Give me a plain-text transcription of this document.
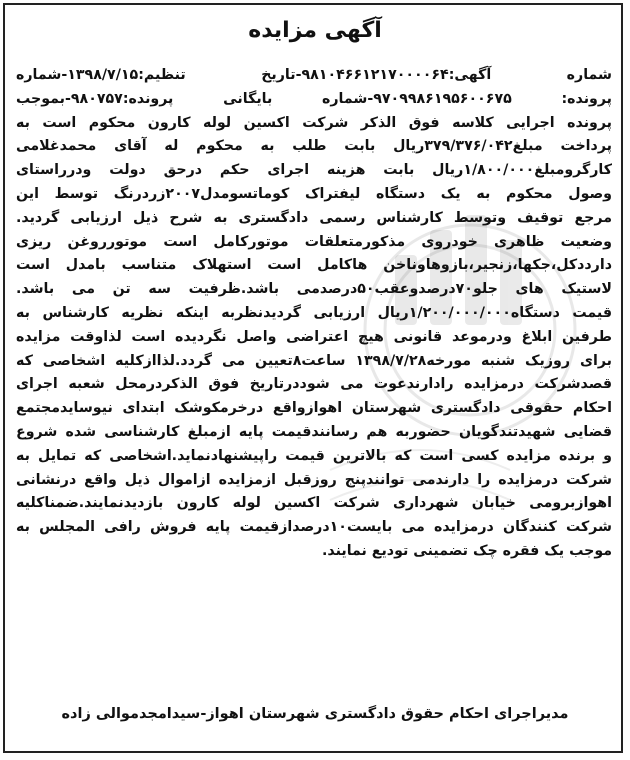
آگهی مزایده
شماره آگهی:۹۸۱۰۴۶۶۱۲۱۷۰۰۰۰۶۴-تاریخ تنظیم:۱۳۹۸/۷/۱۵-شماره
پرونده: ۹۷۰۹۹۸۶۱۹۵۶۰۰۶۷۵-شماره بایگانی پرونده:۹۸۰۷۵۷-بموجب
پرونده اجرایی کلاسه فوق الذکر شرکت اکسین لوله کارون محکوم است به
پرداخت مبلغ۳۷۹/۳۷۶/۰۴۲ریال بابت طلب به محکوم له آقای محمدغلامی
کارگرومبلغ۱/۸۰۰/۰۰۰ریال بابت هزینه اجرای حکم درحق دولت ودرراستای
وصول محکوم به یک دستگاه لیفتراک کوماتسومدل۲۰۰۷زردرنگ توسط این
مرجع توقیف وتوسط کارشناس رسمی دادگستری به شرح ذیل ارزیابی گردید.
وضعیت ظاهری خودروی مذکورمتعلقات موتورکامل است موتورروغن ریزی
دارددکل،جکها،زنجیر،بازوهاوناخن هاکامل است استهلاک متناسب بامدل است
لاستیک های جلو۷۰درصدوعقب۵۰درصدمی باشد.ظرفیت سه تن می باشد.
قیمت دستگاه۱/۲۰۰/۰۰۰/۰۰۰ریال ارزیابی گردیدنظربه اینکه نظریه کارشناس به
طرفین ابلاغ ودرموعد قانونی هیچ اعتراضی واصل نگردیده است لذاوقت مزایده
برای روزیک شنبه مورخه۱۳۹۸/۷/۲۸ ساعت۸تعیین می گردد.لذاازکلیه اشخاصی که
قصدشرکت درمزایده رادارندعوت می شوددرتاریخ فوق الذکردرمحل شعبه اجرای
احکام حقوقی دادگستری شهرستان اهوازواقع درخرمکوشک ابتدای نیوسایدمجتمع
قضایی شهیدتندگویان حضوربه هم رسانندقیمت پایه ازمبلغ کارشناسی شده شروع
و برنده مزایده کسی است که بالاترین قیمت راپیشنهادنماید.اشخاصی که تمایل به
شرکت درمزایده را دارندمی توانندپنج روزقبل ازمزایده ازاموال ذیل واقع درنشانی
اهوازبرومی خیابان شهرداری شرکت اکسین لوله کارون بازدیدنمایند.ضمناکلیه
شرکت کنندگان درمزایده می بایست۱۰درصدازقیمت پایه فروش رافی المجلس به
موجب یک فقره چک تضمینی تودیع نمایند.
مدیراجرای احکام حقوق دادگستری شهرستان اهواز-سیدامجدموالی زاده
